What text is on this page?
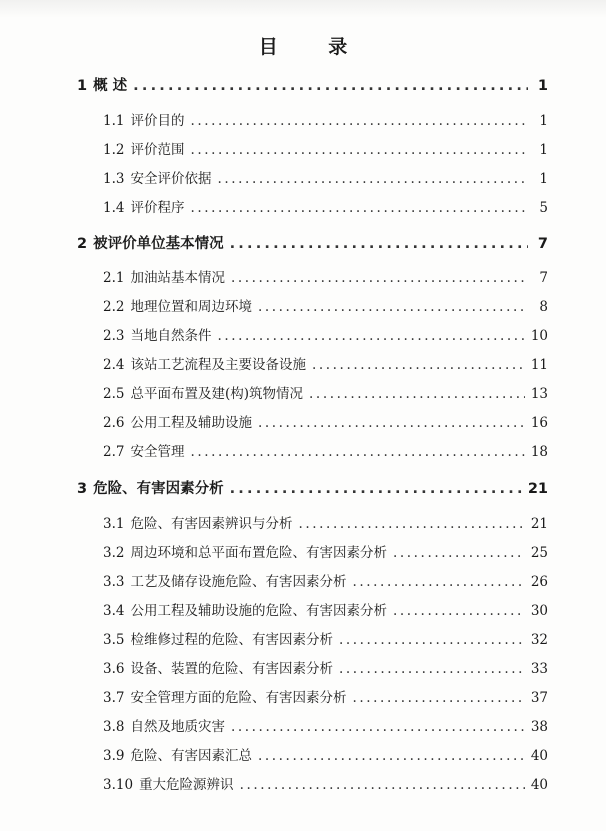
目 录
1 概 述 .....	1
1.1 评价目的 .....	1
1.2 评价范围 .....	1
1.3 安全评价依据 .....	1
1.4 评价程序 .....	5
2 被评价单位基本情况 .....	7
2.1 加油站基本情况 .....	7
2.2 地理位置和周边环境 .....	8
2.3 当地自然条件 .....	10
2.4 该站工艺流程及主要设备设施 .....	11
2.5 总平面布置及建(构)筑物情况 .....	13
2.6 公用工程及辅助设施 .....	16
2.7 安全管理 .....	18
3 危险、有害因素分析 .....	21
3.1 危险、有害因素辨识与分析 .....	21
3.2 周边环境和总平面布置危险、有害因素分析 .....	25
3.3 工艺及储存设施危险、有害因素分析 .....	26
3.4 公用工程及辅助设施的危险、有害因素分析 .....	30
3.5 检维修过程的危险、有害因素分析 .....	32
3.6 设备、装置的危险、有害因素分析 .....	33
3.7 安全管理方面的危险、有害因素分析 .....	37
3.8 自然及地质灾害 .....	38
3.9 危险、有害因素汇总 .....	40
3.10 重大危险源辨识 .....	40
